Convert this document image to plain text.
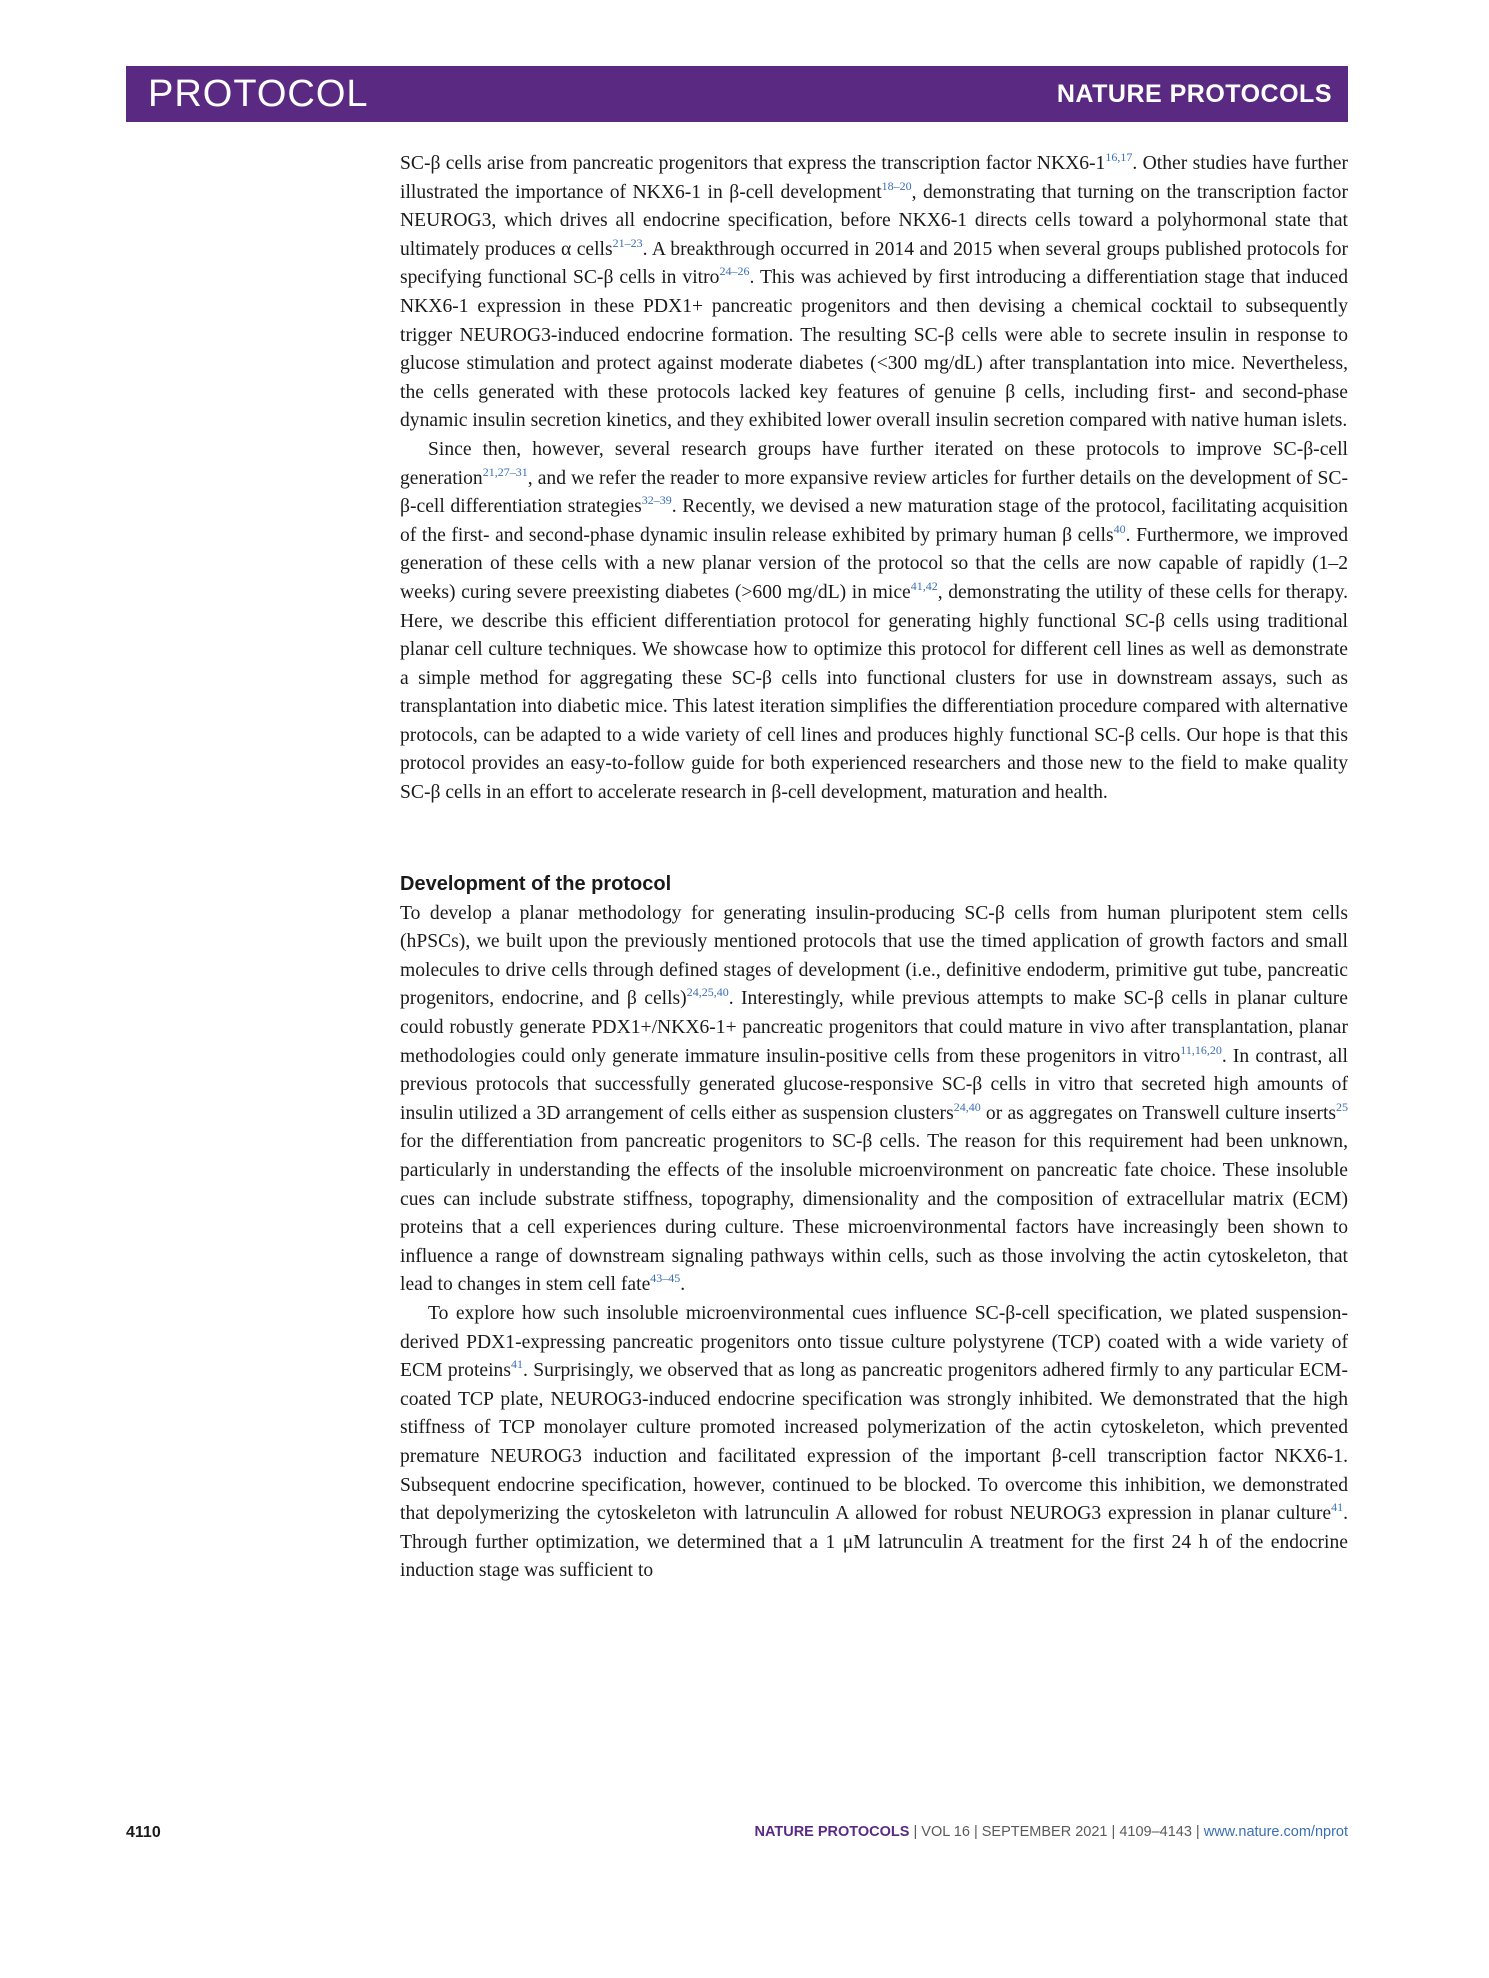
PROTOCOL	NATURE PROTOCOLS

SC-β cells arise from pancreatic progenitors that express the transcription factor NKX6-1$^{16,17}$. Other studies have further illustrated the importance of NKX6-1 in β-cell development$^{18-20}$, demonstrating that turning on the transcription factor NEUROG3, which drives all endocrine specification, before NKX6-1 directs cells toward a polyhormonal state that ultimately produces α cells$^{21-23}$. A breakthrough occurred in 2014 and 2015 when several groups published protocols for specifying functional SC-β cells in vitro$^{24-26}$. This was achieved by first introducing a differentiation stage that induced NKX6-1 expression in these PDX1+ pancreatic progenitors and then devising a chemical cocktail to subsequently trigger NEUROG3-induced endocrine formation. The resulting SC-β cells were able to secrete insulin in response to glucose stimulation and protect against moderate diabetes (<300 mg/dL) after transplantation into mice. Nevertheless, the cells generated with these protocols lacked key features of genuine β cells, including first- and second-phase dynamic insulin secretion kinetics, and they exhibited lower overall insulin secretion compared with native human islets.

Since then, however, several research groups have further iterated on these protocols to improve SC-β-cell generation$^{21,27-31}$, and we refer the reader to more expansive review articles for further details on the development of SC-β-cell differentiation strategies$^{32-39}$. Recently, we devised a new maturation stage of the protocol, facilitating acquisition of the first- and second-phase dynamic insulin release exhibited by primary human β cells$^{40}$. Furthermore, we improved generation of these cells with a new planar version of the protocol so that the cells are now capable of rapidly (1–2 weeks) curing severe preexisting diabetes (>600 mg/dL) in mice$^{41,42}$, demonstrating the utility of these cells for therapy. Here, we describe this efficient differentiation protocol for generating highly functional SC-β cells using traditional planar cell culture techniques. We showcase how to optimize this protocol for different cell lines as well as demonstrate a simple method for aggregating these SC-β cells into functional clusters for use in downstream assays, such as transplantation into diabetic mice. This latest iteration simplifies the differentiation procedure compared with alternative protocols, can be adapted to a wide variety of cell lines and produces highly functional SC-β cells. Our hope is that this protocol provides an easy-to-follow guide for both experienced researchers and those new to the field to make quality SC-β cells in an effort to accelerate research in β-cell development, maturation and health.

Development of the protocol

To develop a planar methodology for generating insulin-producing SC-β cells from human pluripotent stem cells (hPSCs), we built upon the previously mentioned protocols that use the timed application of growth factors and small molecules to drive cells through defined stages of development (i.e., definitive endoderm, primitive gut tube, pancreatic progenitors, endocrine, and β cells)$^{24,25,40}$. Interestingly, while previous attempts to make SC-β cells in planar culture could robustly generate PDX1+/NKX6-1+ pancreatic progenitors that could mature in vivo after transplantation, planar methodologies could only generate immature insulin-positive cells from these progenitors in vitro$^{11,16,20}$. In contrast, all previous protocols that successfully generated glucose-responsive SC-β cells in vitro that secreted high amounts of insulin utilized a 3D arrangement of cells either as suspension clusters$^{24,40}$ or as aggregates on Transwell culture inserts$^{25}$ for the differentiation from pancreatic progenitors to SC-β cells. The reason for this requirement had been unknown, particularly in understanding the effects of the insoluble microenvironment on pancreatic fate choice. These insoluble cues can include substrate stiffness, topography, dimensionality and the composition of extracellular matrix (ECM) proteins that a cell experiences during culture. These microenvironmental factors have increasingly been shown to influence a range of downstream signaling pathways within cells, such as those involving the actin cytoskeleton, that lead to changes in stem cell fate$^{43-45}$.

To explore how such insoluble microenvironmental cues influence SC-β-cell specification, we plated suspension-derived PDX1-expressing pancreatic progenitors onto tissue culture polystyrene (TCP) coated with a wide variety of ECM proteins$^{41}$. Surprisingly, we observed that as long as pancreatic progenitors adhered firmly to any particular ECM-coated TCP plate, NEUROG3-induced endocrine specification was strongly inhibited. We demonstrated that the high stiffness of TCP monolayer culture promoted increased polymerization of the actin cytoskeleton, which prevented premature NEUROG3 induction and facilitated expression of the important β-cell transcription factor NKX6-1. Subsequent endocrine specification, however, continued to be blocked. To overcome this inhibition, we demonstrated that depolymerizing the cytoskeleton with latrunculin A allowed for robust NEUROG3 expression in planar culture$^{41}$. Through further optimization, we determined that a 1 μM latrunculin A treatment for the first 24 h of the endocrine induction stage was sufficient to

4110	NATURE PROTOCOLS | VOL 16 | SEPTEMBER 2021 | 4109–4143 | www.nature.com/nprot
